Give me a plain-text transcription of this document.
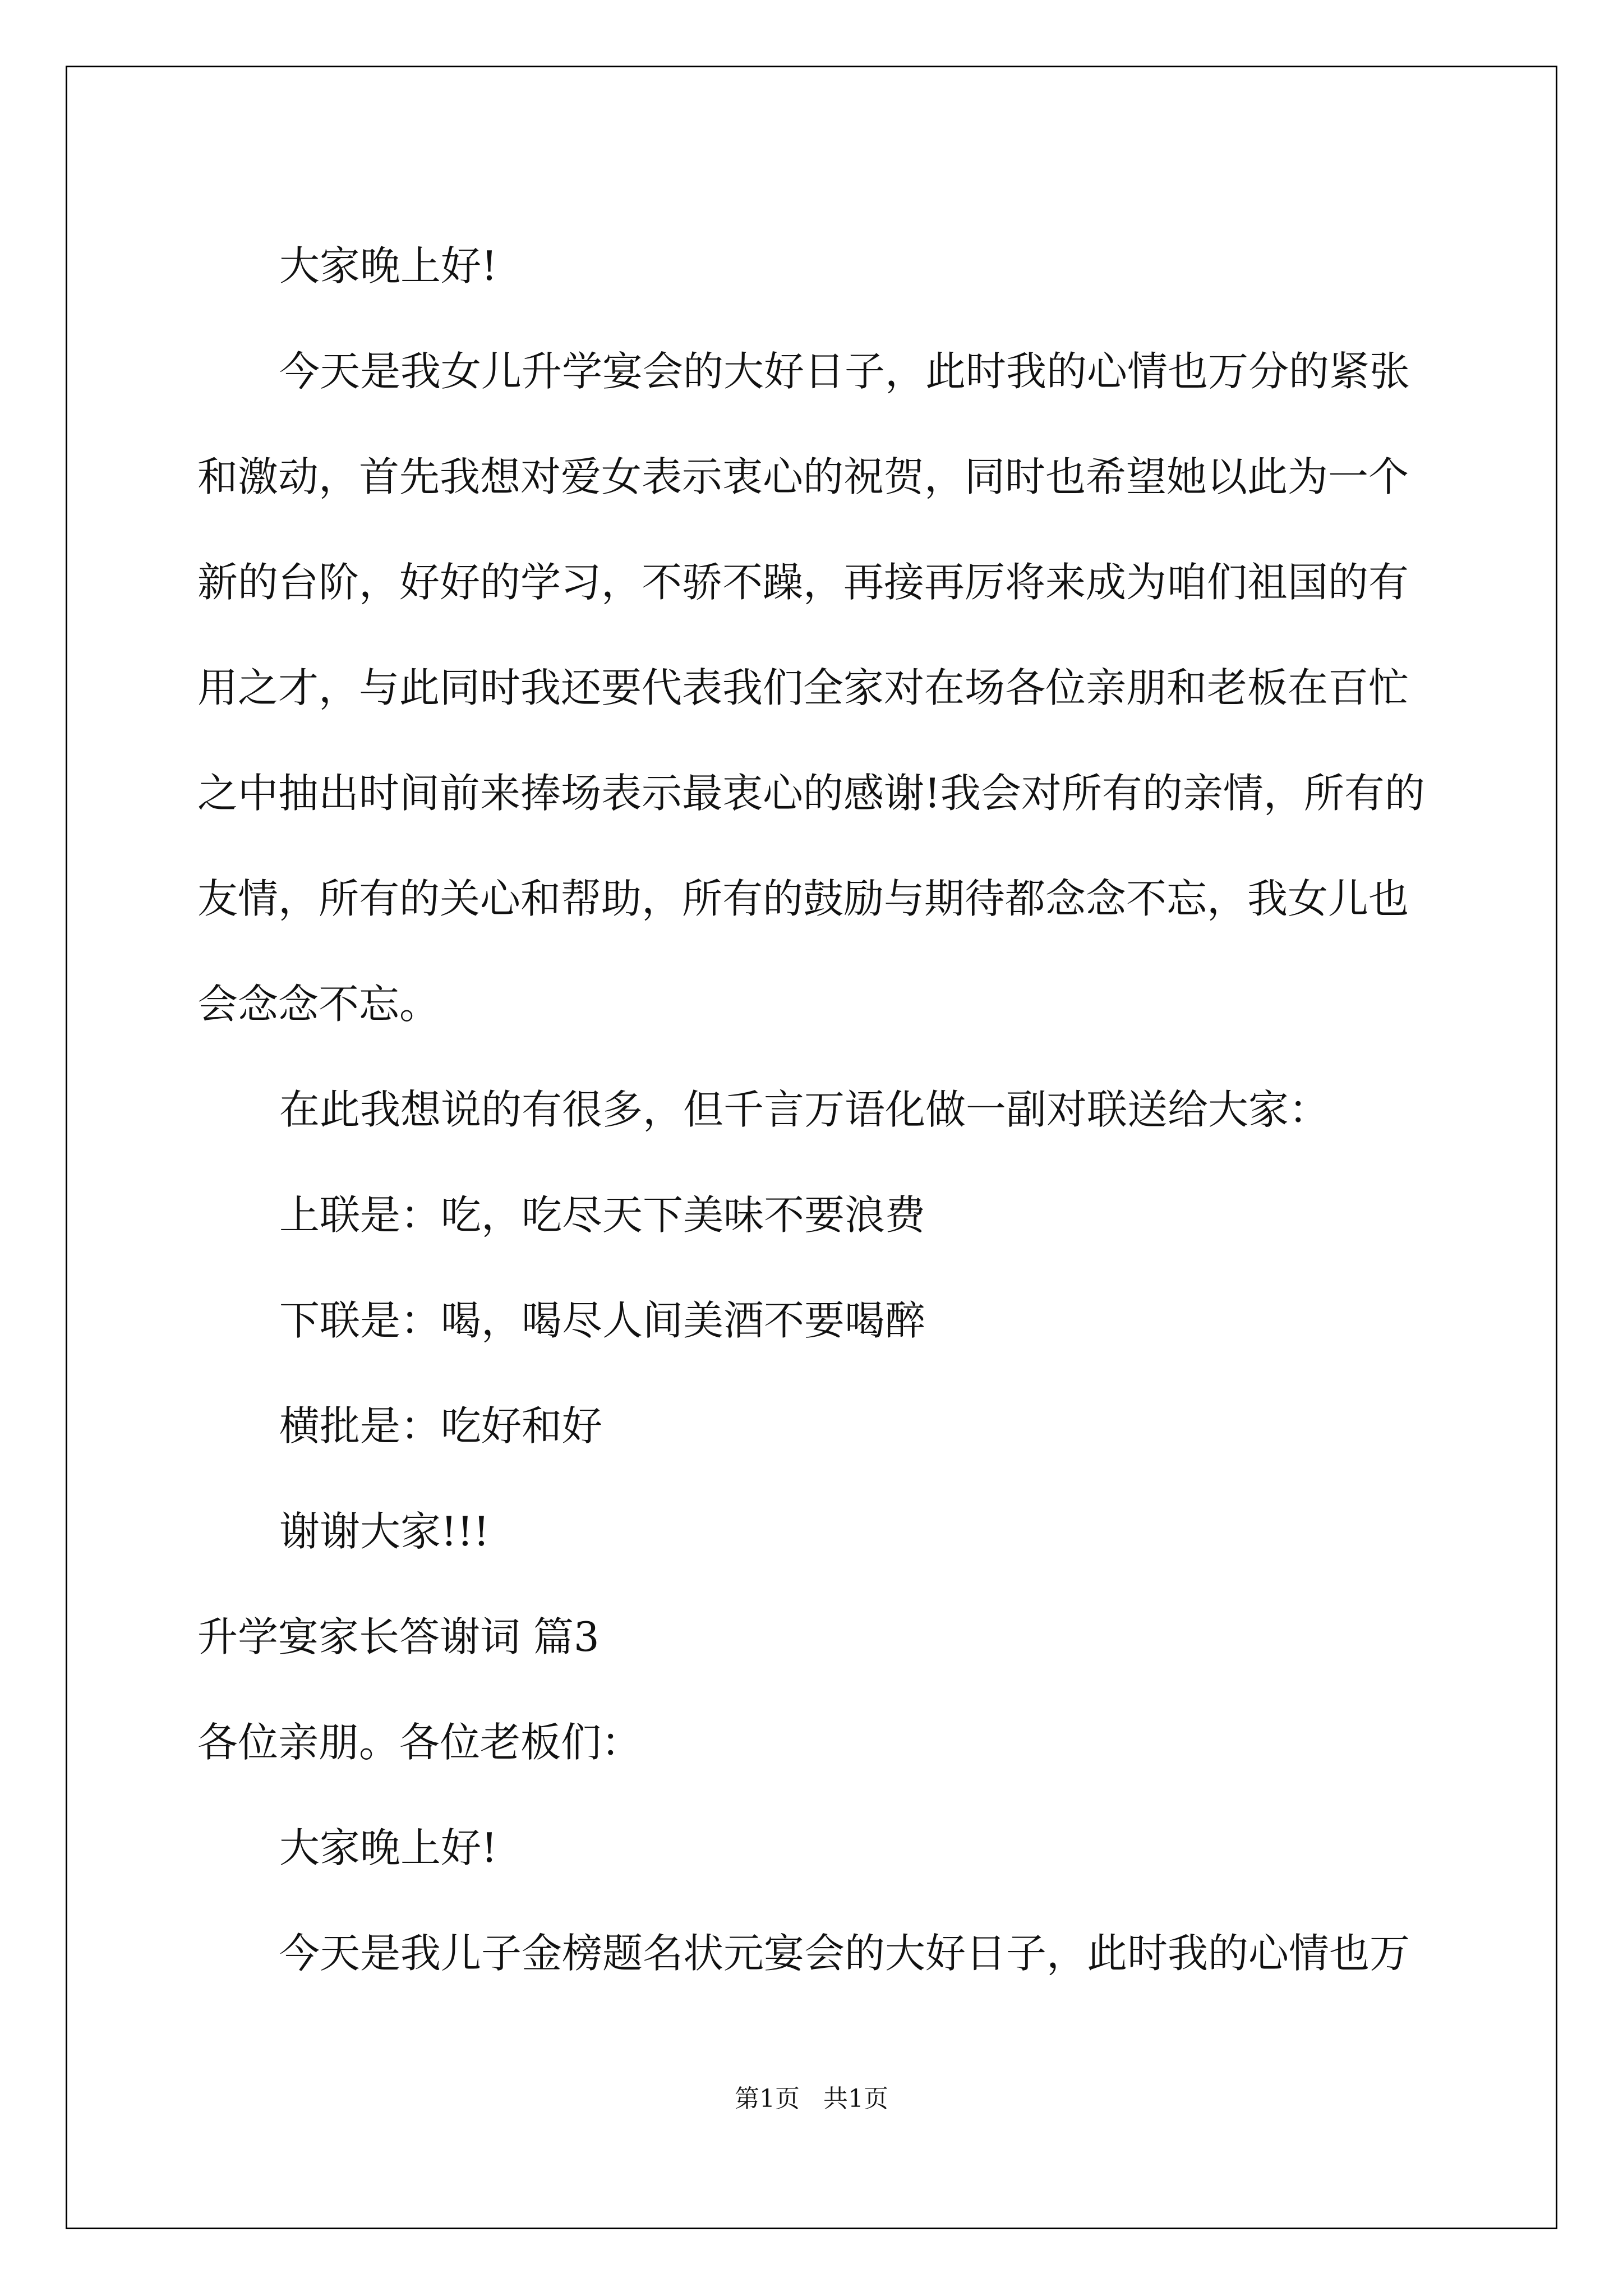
大家晚上好!

今天是我女儿升学宴会的大好日子，此时我的心情也万分的紧张和激动，首先我想对爱女表示衷心的祝贺，同时也希望她以此为一个新的台阶，好好的学习，不骄不躁，再接再厉将来成为咱们祖国的有用之才，与此同时我还要代表我们全家对在场各位亲朋和老板在百忙之中抽出时间前来捧场表示最衷心的感谢!我会对所有的亲情，所有的友情，所有的关心和帮助，所有的鼓励与期待都念念不忘，我女儿也会念念不忘。

在此我想说的有很多，但千言万语化做一副对联送给大家：

上联是：吃，吃尽天下美味不要浪费

下联是：喝，喝尽人间美酒不要喝醉

横批是：吃好和好

谢谢大家!!!

升学宴家长答谢词 篇3

各位亲朋。各位老板们：

大家晚上好!

今天是我儿子金榜题名状元宴会的大好日子，此时我的心情也万

第1页 共1页
